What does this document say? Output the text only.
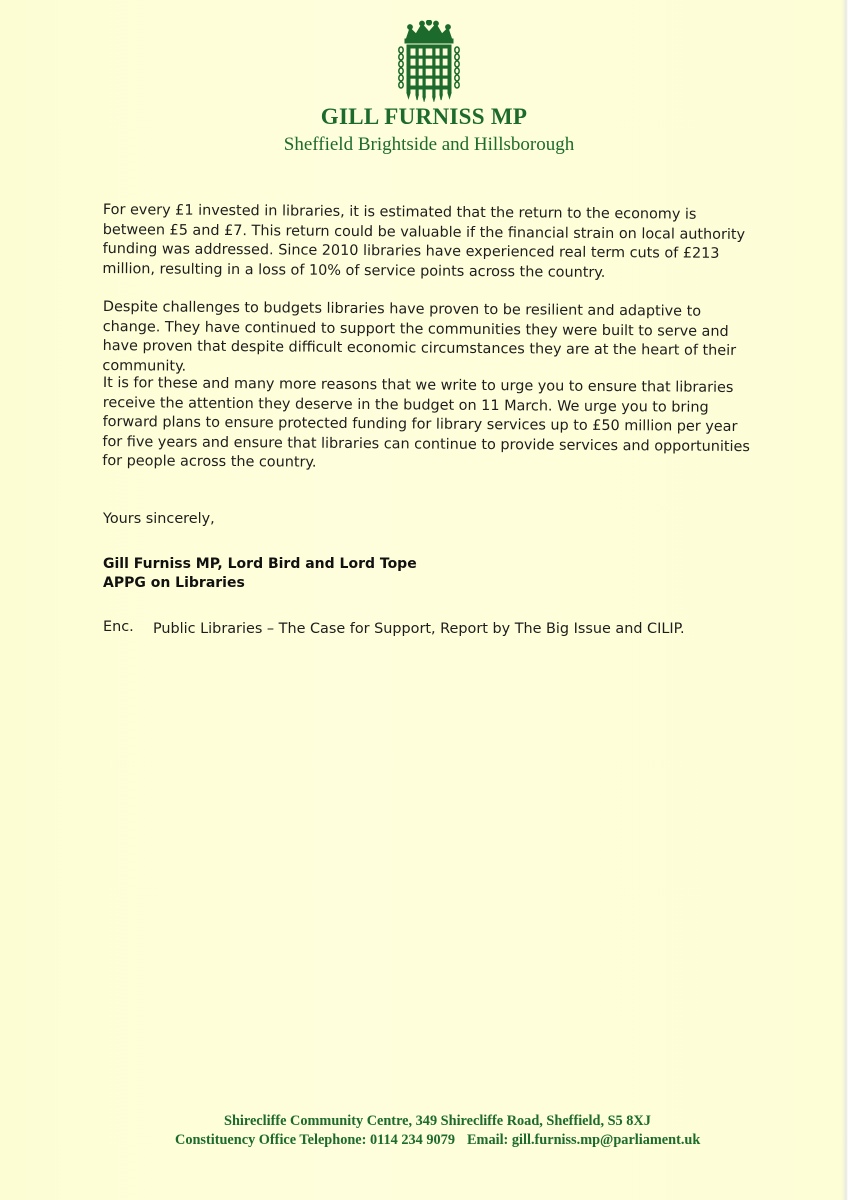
GILL FURNISS MP
Sheffield Brightside and Hillsborough
For every £1 invested in libraries, it is estimated that the return to the economy is between £5 and £7. This return could be valuable if the financial strain on local authority funding was addressed. Since 2010 libraries have experienced real term cuts of £213 million, resulting in a loss of 10% of service points across the country.
Despite challenges to budgets libraries have proven to be resilient and adaptive to change. They have continued to support the communities they were built to serve and have proven that despite difficult economic circumstances they are at the heart of their community.
It is for these and many more reasons that we write to urge you to ensure that libraries receive the attention they deserve in the budget on 11 March. We urge you to bring forward plans to ensure protected funding for library services up to £50 million per year for five years and ensure that libraries can continue to provide services and opportunities for people across the country.
Yours sincerely,
Gill Furniss MP, Lord Bird and Lord Tope
APPG on Libraries
Enc. Public Libraries – The Case for Support, Report by The Big Issue and CILIP.
Shirecliffe Community Centre, 349 Shirecliffe Road, Sheffield, S5 8XJ
Constituency Office Telephone: 0114 234 9079 Email: gill.furniss.mp@parliament.uk
